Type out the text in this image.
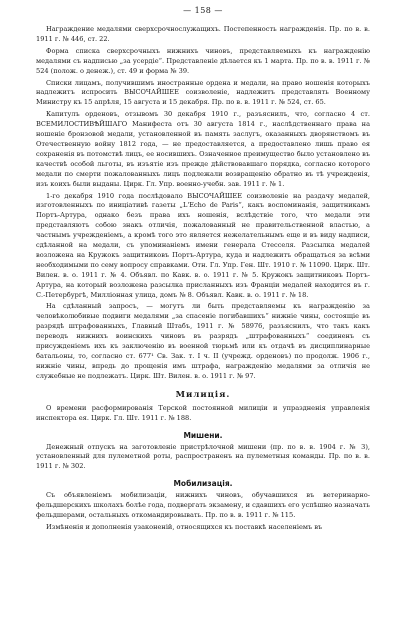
— 158 —

Награждение медалями сверхсрочнослужащихъ. Постепенность награжденiя. Пр. по в. в. 1911 г. № 446, ст. 22.

Форма списка сверхсрочныхъ нижнихъ чиновъ, представляемыхъ къ награжденiю медалями съ надписью „за усердiе“. Представленiе дѣлается къ 1 марта. Пр. по в. в. 1911 г. № 524 (полож. о денеж.), ст. 49 и форма № 39.

Списки лицамъ, получившимъ иностранные ордена и медали, на право ношенiя которыхъ надлежитъ испросить ВЫСОЧАЙШЕЕ соизволенiе, надлежитъ представлять Военному Министру къ 15 апрѣля, 15 августа и 15 декабря. Пр. по в. в. 1911 г. № 524, ст. 65.

Капитулъ орденовъ, отзывомъ 30 декабря 1910 г., разъяснилъ, что, согласно 4 ст. ВСЕМИЛОСТИВѢЙШАГО Манифеста отъ 30 августа 1814 г., наслѣдственнаго права на ношенiе бронзовой медали, установленной въ память заслугъ, оказанныхъ дворянствомъ въ Отечественную войну 1812 года, — не предоставляется, а предоставлено лишь право ея сохраненiя въ потомствѣ лицъ, ее носившихъ. Означенное преимущество было установлено въ качествѣ особой льготы, въ изъятiе изъ прежде дѣйствовавшаго порядка, согласно которого медали по смерти пожалованныхъ лицъ подлежали возвращенiю обратно въ тѣ учрежденiя, изъ коихъ были выданы. Цирк. Гл. Упр. военно-учебн. зав. 1911 г. № 1.

1-го декабря 1910 года послѣдовало ВЫСОЧАЙШЕЕ соизволенiе на раздачу медалей, изготовленныхъ по иницiативѣ газеты „L'Echo de Paris“, какъ воспоминанiя, защитникамъ Портъ-Артура, однако безъ права ихъ ношенiя, вслѣдствiе того, что медали эти представляютъ собою знакъ отличiя, пожалованный не правительственной властью, а частнымъ учрежденiемъ, а кромѣ того это является нежелательнымъ еще и въ виду надписи, сдѣланной на медали, съ упоминанiемъ имени генерала Стесселя. Разсылка медалей возложена на Кружокъ защитниковъ Портъ-Артура, куда и надлежитъ обращаться за всѣми необходимыми по сему вопросу справками. Отн. Гл. Упр. Ген. Шт. 1910 г. № 11090. Цирк. Шт. Вилен. в. о. 1911 г. № 4. Объявл. по Кавк. в. о. 1911 г. № 5. Кружокъ защитниковъ Портъ-Артура, на который возложена разсылка присланныхъ изъ Францiи медалей находится въ г. С.-Петербургѣ, Миллiонная улица, домъ № 8. Объявл. Кавк. в. о. 1911 г. № 18.

На сдѣланный запросъ, — могутъ ли быть представляемы къ награжденiю за человѣколюбивые подвиги медалями „за спасенiе погибавшихъ“ нижнiе чины, состоящiе въ разрядѣ штрафованныхъ, Главный Штабъ, 1911 г. № 58976, разъяснилъ, что такъ какъ переводъ нижнихъ воинскихъ чиновъ въ разрядъ „штрафованныхъ“ соединенъ съ присужденiемъ ихъ къ заключенiю въ военной тюрьмѣ или къ отдачѣ въ дисциплинарные батальоны, то, согласно ст. 677¹ Св. Зак. т. I ч. II (учрежд. орденовъ) по продолж. 1906 г., нижнiе чины, впредь до прощенiя имъ штрафа, награжденiю медалями за отличiя не служебные не подлежатъ. Цирк. Шт. Вилен. в. о. 1911 г. № 97.

Милицiя.

О времени расформированiя Терской постоянной милицiи и упраздненiя управленiя инспектора ея. Цирк. Гл. Шт. 1911 г. № 188.

Мишени.

Денежный отпускъ на заготовленiе пристрѣлочной мишени (пр. по в. в. 1904 г. № 3), установленный для пулеметной роты, распространенъ на пулеметныя команды. Пр. по в. в. 1911 г. № 302.

Мобилизацiя.

Съ объявленiемъ мобилизацiи, нижнихъ чиновъ, обучавшихся въ ветеринарно-фельдшерскихъ школахъ болѣе года, подвергать экзамену, и сдавшихъ его успѣшно назначать фельдшерами, остальныхъ откомандировывать. Пр. по в. в. 1911 г. № 115.

Измѣненiя и дополненiя узаконенiй, относящихся къ поставкѣ населенiемъ въ
